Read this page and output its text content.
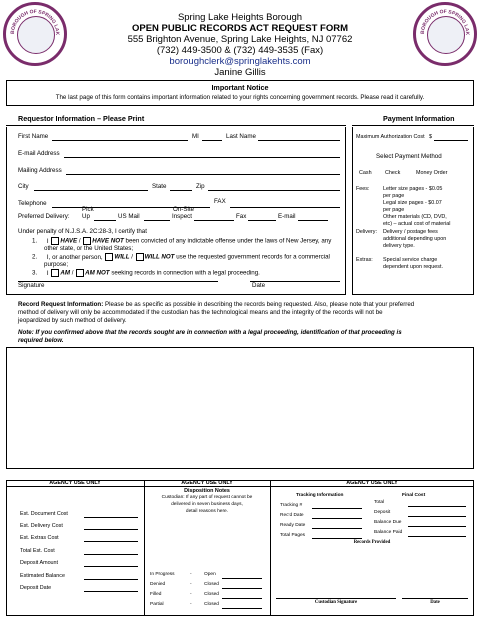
BOROUGH OF SPRING LAK	BOROUGH OF SPRING LAK
Spring Lake Heights Borough
OPEN PUBLIC RECORDS ACT REQUEST FORM
555 Brighton Avenue, Spring Lake Heights, NJ 07762
(732) 449-3500 & (732) 449-3535 (Fax)
boroughclerk@springlakehts.com
Janine Gillis
Important Notice
The last page of this form contains important information related to your rights concerning government records. Please read it carefully.
Requestor Information – Please Print	Payment Information
First Name	MI	Last Name
E-mail Address
Mailing Address
City	State	Zip
Telephone	FAX
Pick	On-Site
Preferred Delivery: Up	US Mail	Inspect	Fax	E-mail
Under penalty of N.J.S.A. 2C:28-3, I certify that
1. I HAVE / HAVE NOT been convicted of any indictable offense under the laws of New Jersey, any
other state, or the United States;
2. I, or another person, WILL / WILL NOT use the requested government records for a commercial
purpose;
3. I AM / AM NOT seeking records in connection with a legal proceeding.
Signature	Date
Maximum Authorization Cost $
Select Payment Method
Cash Check	Money Order
Fees:	Letter size pages - $0.05
per page
Legal size pages - $0.07
per page
Other materials (CD, DVD,
etc) – actual cost of material
Delivery: Delivery / postage fees
additional depending upon
delivery type.
Extras: Special service charge
dependent upon request.
Record Request Information: Please be as specific as possible in describing the records being requested. Also, please note that your preferred
method of delivery will only be accommodated if the custodian has the technological means and the integrity of the records will not be
jeopardized by such method of delivery.
Note: If you confirmed above that the records sought are in connection with a legal proceeding, identification of that proceeding is
required below.
AGENCY USE ONLY	AGENCY USE ONLY	AGENCY USE ONLY
Est. Document Cost
Est. Delivery Cost
Est. Extras Cost
Total Est. Cost
Deposit Amount
Estimated Balance
Deposit Date
Disposition Notes
Custodian: If any part of request cannot be
delivered in seven business days,
detail reasons here.
In Progress	-	Open
Denied	-	Closed
Filled	-	Closed
Partial	-	Closed
Tracking Information	Final Cost
Tracking #
Rec'd Date
Ready Date
Total Pages
Total
Deposit
Balance Due
Balance Paid
Records Provided
Custodian Signature	Date
